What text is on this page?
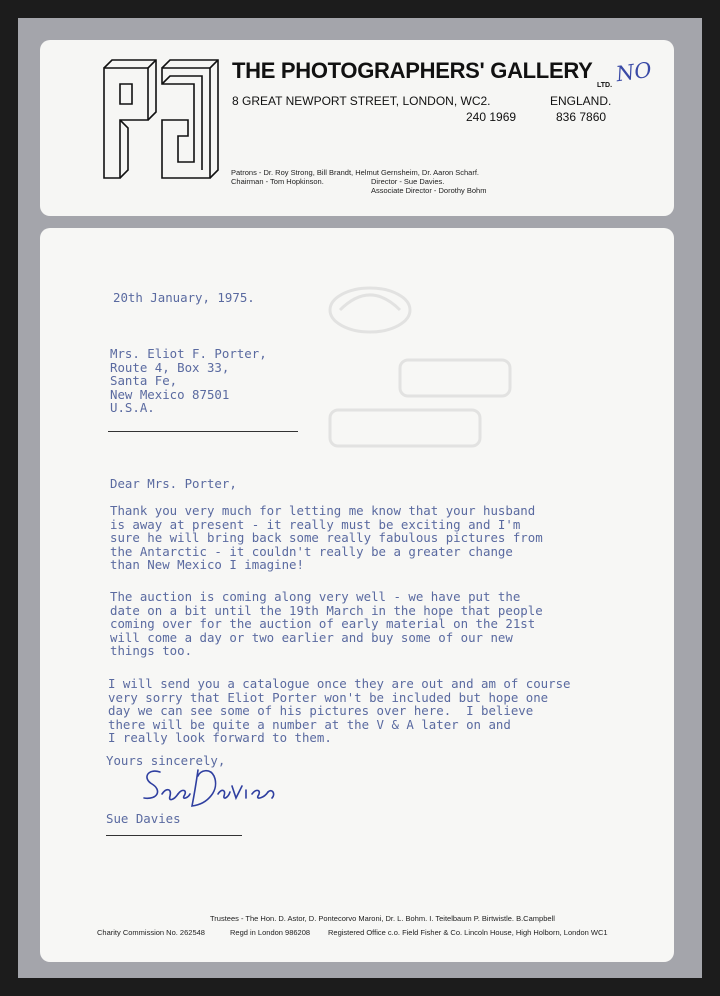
THE PHOTOGRAPHERS' GALLERY
LTD. NO
8 GREAT NEWPORT STREET, LONDON, WC2.	ENGLAND.
240 1969	836 7860
Patrons - Dr. Roy Strong, Bill Brandt, Helmut Gernsheim, Dr. Aaron Scharf.
Chairman - Tom Hopkinson.	Director - Sue Davies.
Associate Director - Dorothy Bohm
20th January, 1975.
Mrs. Eliot F. Porter,
Route 4, Box 33,
Santa Fe,
New Mexico 87501
U.S.A.
Dear Mrs. Porter,
Thank you very much for letting me know that your husband
is away at present - it really must be exciting and I'm
sure he will bring back some really fabulous pictures from
the Antarctic - it couldn't really be a greater change
than New Mexico I imagine!
The auction is coming along very well - we have put the
date on a bit until the 19th March in the hope that people
coming over for the auction of early material on the 21st
will come a day or two earlier and buy some of our new
things too.
I will send you a catalogue once they are out and am of course
very sorry that Eliot Porter won't be included but hope one
day we can see some of his pictures over here.  I believe
there will be quite a number at the V & A later on and
I really look forward to them.
Yours sincerely,
Sue Davies
Trustees - The Hon. D. Astor, D. Pontecorvo Maroni, Dr. L. Bohm. I. Teitelbaum P. Birtwistle. B.Campbell
Charity Commission No. 262548	Regd in London 986208 Registered Office c.o. Field Fisher & Co. Lincoln House, High Holborn, London WC1
